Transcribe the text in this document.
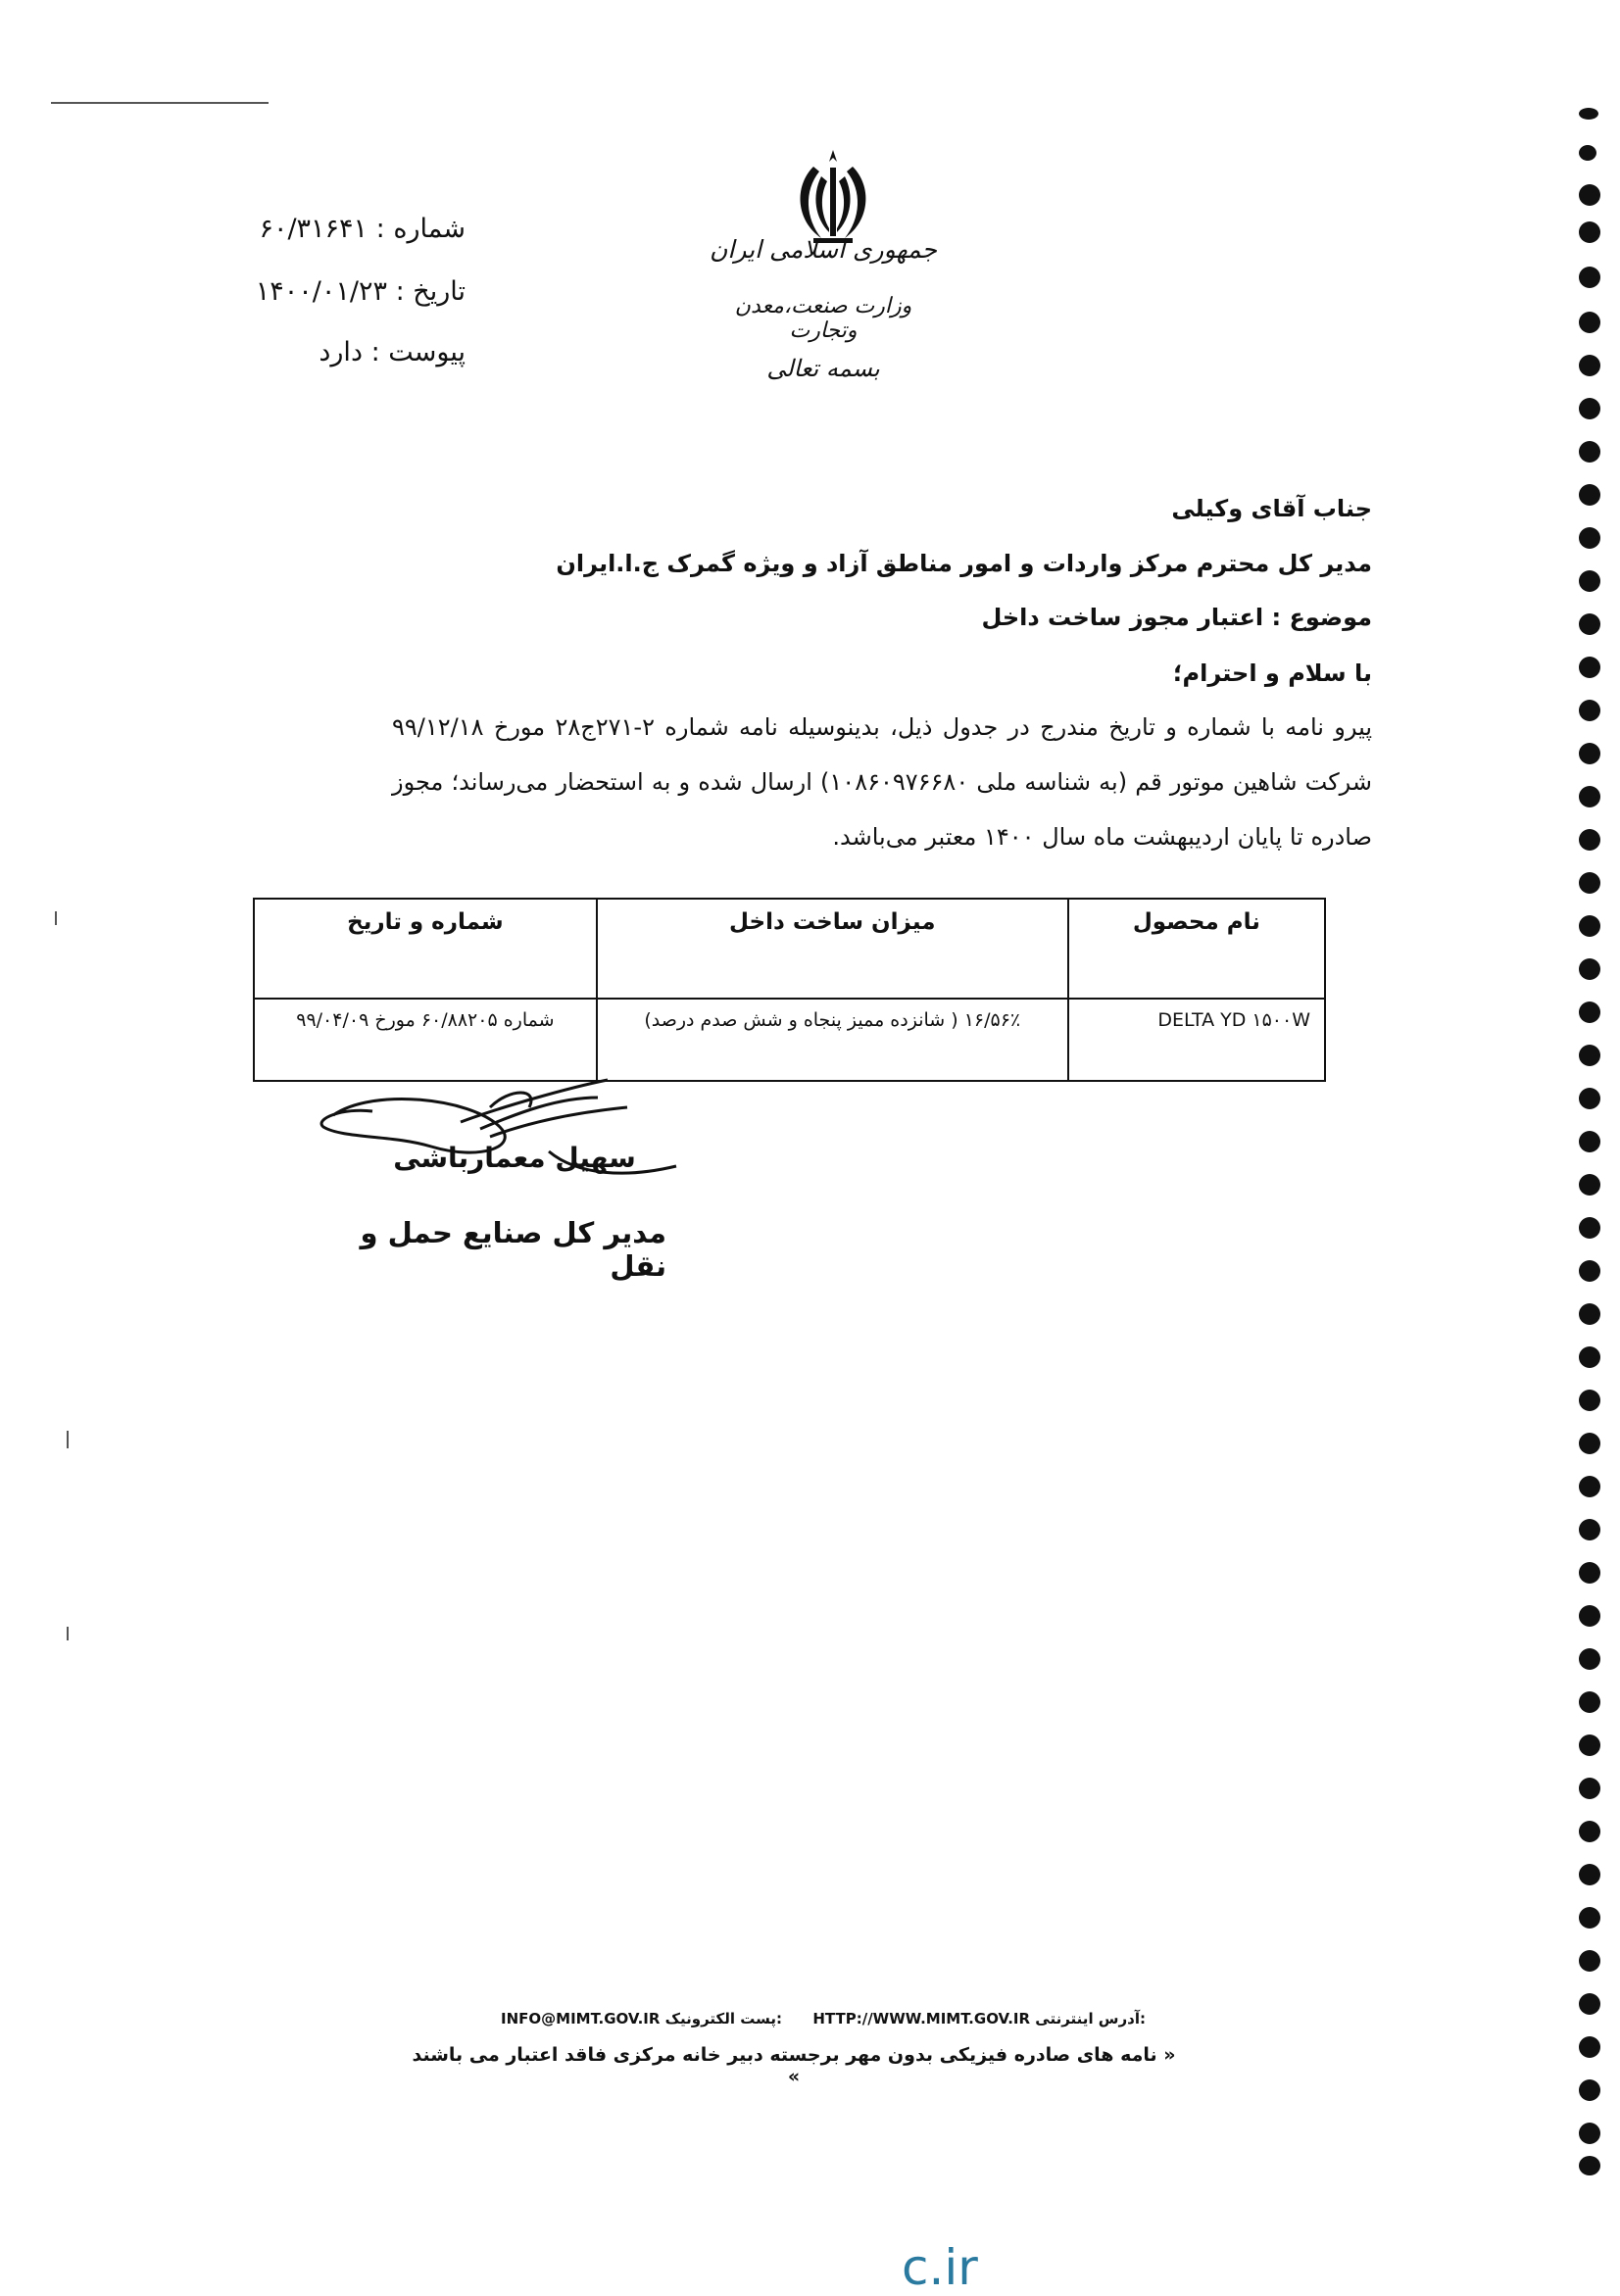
جمهوری اسلامی ایران
وزارت صنعت،معدن وتجارت
بسمه تعالی
شماره : ۶۰/۳۱۶۴۱
تاریخ : ۱۴۰۰/۰۱/۲۳
پیوست : دارد
جناب آقای وکیلی
مدیر کل محترم مرکز واردات و امور مناطق آزاد و ویژه گمرک ج.ا.ایران
موضوع : اعتبار مجوز ساخت داخل
با سلام و احترام؛
پیرو نامه با شماره و تاریخ مندرج در جدول ذیل، بدینوسیله نامه شماره ۲-۲۷۱ج۲۸ مورخ ۹۹/۱۲/۱۸ شرکت شاهین موتور قم (به شناسه ملی ۱۰۸۶۰۹۷۶۶۸۰) ارسال شده و به استحضار می‌رساند؛ مجوز صادره تا پایان اردیبهشت ماه سال ۱۴۰۰ معتبر می‌باشد.
نام محصول	میزان ساخت داخل	شماره و تاریخ
DELTA YD ۱۵۰۰W	۱۶/۵۶٪ ( شانزده ممیز پنجاه و شش صدم درصد)	شماره ۶۰/۸۸۲۰۵ مورخ ۹۹/۰۴/۰۹
سهیل معمارباشی
مدیر کل صنایع حمل و نقل
INFO@MIMT.GOV.IR پست الکترونیک: HTTP://WWW.MIMT.GOV.IR آدرس اینترنتی:
« نامه های صادره فیزیکی بدون مهر برجسته دبیر خانه مرکزی فاقد اعتبار می باشند »
c.ir
